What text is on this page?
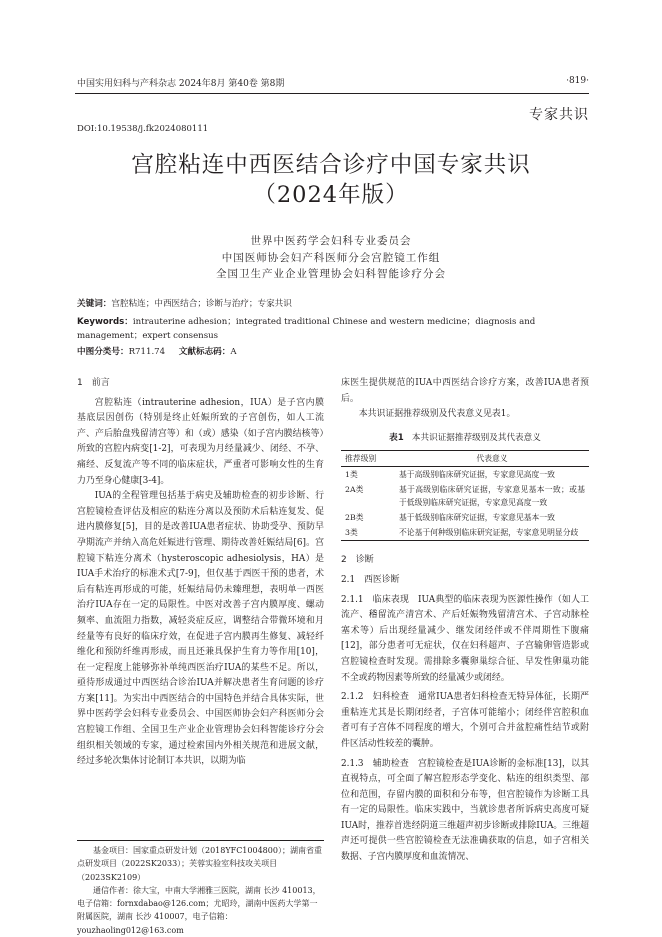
中国实用妇科与产科杂志 2024年8月 第40卷 第8期	·819·
专家共识
DOI:10.19538/j.fk2024080111
宫腔粘连中西医结合诊疗中国专家共识
（2024年版）
世界中医药学会妇科专业委员会
中国医师协会妇产科医师分会宫腔镜工作组
全国卫生产业企业管理协会妇科智能诊疗分会
关键词：宫腔粘连；中西医结合；诊断与治疗；专家共识
Keywords：intrauterine adhesion；integrated traditional Chinese and western medicine；diagnosis and management；expert consensus
中图分类号：R711.74 文献标志码：A
1　前言

宫腔粘连（intrauterine adhesion，IUA）是子宫内膜基底层因创伤（特别是终止妊娠所致的子宫创伤，如人工流产、产后胎盘残留清宫等）和（或）感染（如子宫内膜结核等）所致的宫腔内病变[1-2]，可表现为月经量减少、闭经、不孕、痛经、反复流产等不同的临床症状，严重者可影响女性的生育力乃至身心健康[3-4]。

IUA的全程管理包括基于病史及辅助检查的初步诊断、行宫腔镜检查评估及相应的粘连分离以及预防术后粘连复发、促进内膜修复[5]，目的是改善IUA患者症状、协助受孕、预防早孕期流产并纳入高危妊娠进行管理、期待改善妊娠结局[6]。宫腔镜下粘连分离术（hysteroscopic adhesiolysis，HA）是IUA手术治疗的标准术式[7-9]，但仅基于西医干预的患者，术后有粘连再形成的可能，妊娠结局仍未臻理想，表明单一西医治疗IUA存在一定的局限性。中医对改善子宫内膜厚度、螺动频率、血流阻力指数，减轻炎症反应，调整结合带微环境和月经量等有良好的临床疗效，在促进子宫内膜再生修复、减轻纤维化和预防纤维再形成，而且还兼具保护生育力等作用[10]，在一定程度上能够弥补单纯西医治疗IUA的某些不足。所以，亟待形成通过中西医结合诊治IUA并解决患者生育问题的诊疗方案[11]。为实出中西医结合的中国特色并结合具体实际，世界中医药学会妇科专业委员会、中国医师协会妇产科医师分会宫腔镜工作组、全国卫生产业企业管理协会妇科智能诊疗分会组织相关领域的专家，通过检索国内外相关规范和进展文献，经过多轮次集体讨论制订本共识，以期为临

基金项目：国家重点研发计划（2018YFC1004800）；湖南省重点研发项目（2022SK2033）；芙蓉实验室科技攻关项目（2023SK2109）

通信作者：徐大宝，中南大学湘雅三医院，湖南 长沙 410013，电子信箱：fornxdabao@126.com；尤昭玲，湖南中医药大学第一附属医院，湖南 长沙 410007，电子信箱：youzhaoling012@163.com

床医生提供规范的IUA中西医结合诊疗方案，改善IUA患者预后。

本共识证据推荐级别及代表意义见表1。

表1 本共识证据推荐级别及其代表意义
推荐级别	代表意义
1类	基于高级别临床研究证据，专家意见高度一致
2A类	基于高级别临床研究证据，专家意见基本一致；或基于低级别临床研究证据，专家意见高度一致
2B类	基于低级别临床研究证据，专家意见基本一致
3类	不论基于何种级别临床研究证据，专家意见明显分歧
2　诊断
2.1　西医诊断

2.1.1　临床表现　IUA典型的临床表现为医源性操作（如人工流产、稽留流产清宫术、产后妊娠物残留清宫术、子宫动脉栓塞术等）后出现经量减少、继发闭经伴或不伴周期性下腹痛[12]，部分患者可无症状，仅在妇科超声、子宫输卵管造影或宫腔镜检查时发现。需排除多囊卵巢综合征、早发性卵巢功能不全或药物因素等所致的经量减少或闭经。

2.1.2　妇科检查　通常IUA患者妇科检查无特异体征，长期严重粘连尤其是长期闭经者，子宫体可能缩小；闭经伴宫腔积血者可有子宫体不同程度的增大，个别可合并盆腔痛性结节或附件区活动性较差的囊肿。

2.1.3　辅助检查　宫腔镜检查是IUA诊断的金标准[13]，以其直视特点，可全面了解宫腔形态学变化、粘连的组织类型、部位和范围，存留内膜的面积和分布等，但宫腔镜作为诊断工具有一定的局限性。临床实践中，当就诊患者所诉病史高度可疑IUA时，推荐首选经阴道三维超声初步诊断或排除IUA。三维超声还可提供一些宫腔镜检查无法准确获取的信息，如子宫相关数据、子宫内膜厚度和血流情况、
